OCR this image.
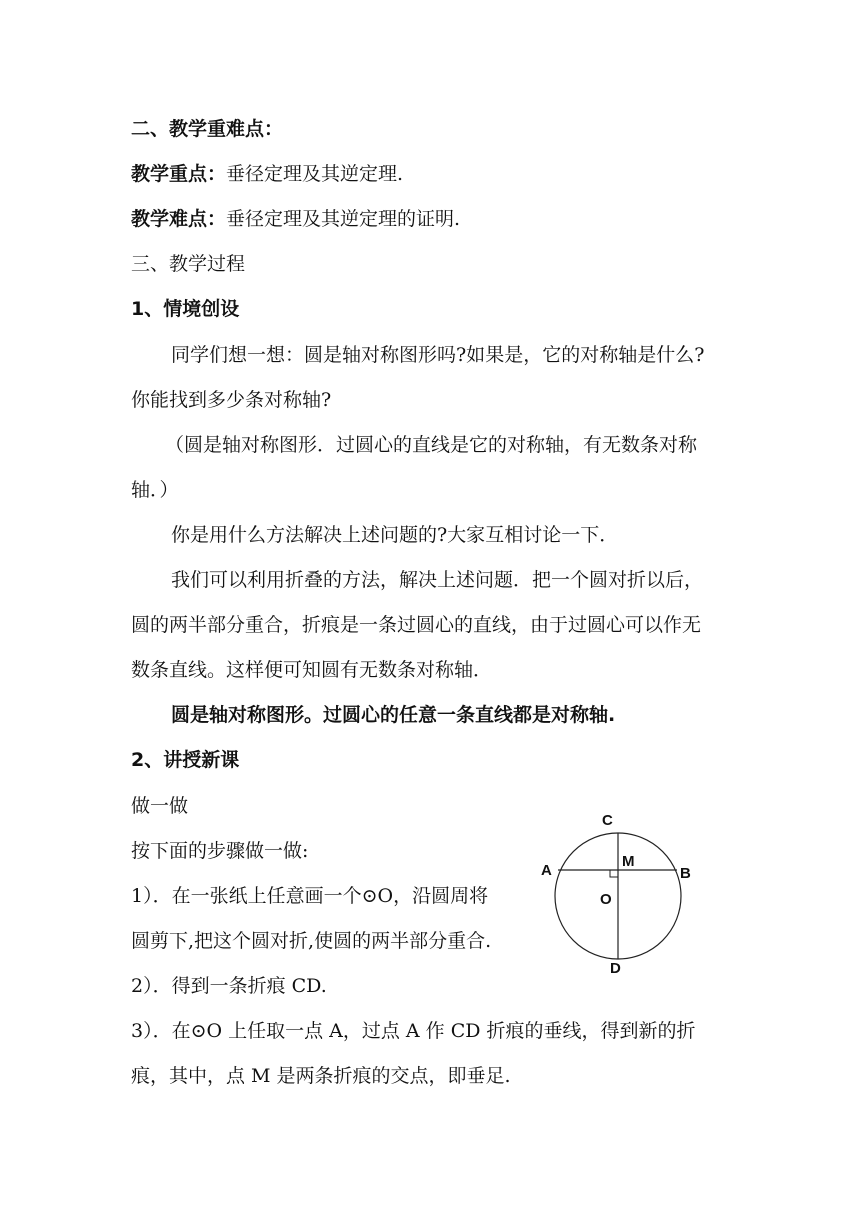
二、教学重难点：
教学重点：垂径定理及其逆定理.
教学难点：垂径定理及其逆定理的证明.
三、教学过程
1、情境创设
同学们想一想：圆是轴对称图形吗?如果是，它的对称轴是什么?
你能找到多少条对称轴?
（圆是轴对称图形．过圆心的直线是它的对称轴，有无数条对称
轴．）
你是用什么方法解决上述问题的?大家互相讨论一下．
我们可以利用折叠的方法，解决上述问题．把一个圆对折以后，
圆的两半部分重合，折痕是一条过圆心的直线，由于过圆心可以作无
数条直线。这样便可知圆有无数条对称轴．
圆是轴对称图形。过圆心的任意一条直线都是对称轴.
2、讲授新课
做一做
按下面的步骤做一做:
1）．在一张纸上任意画一个⊙O，沿圆周将
圆剪下,把这个圆对折,使圆的两半部分重合.
2）．得到一条折痕 CD.
3）．在⊙O 上任取一点 A，过点 A 作 CD 折痕的垂线，得到新的折
痕，其中，点 M 是两条折痕的交点，即垂足.
C
D
A	B
M
O
